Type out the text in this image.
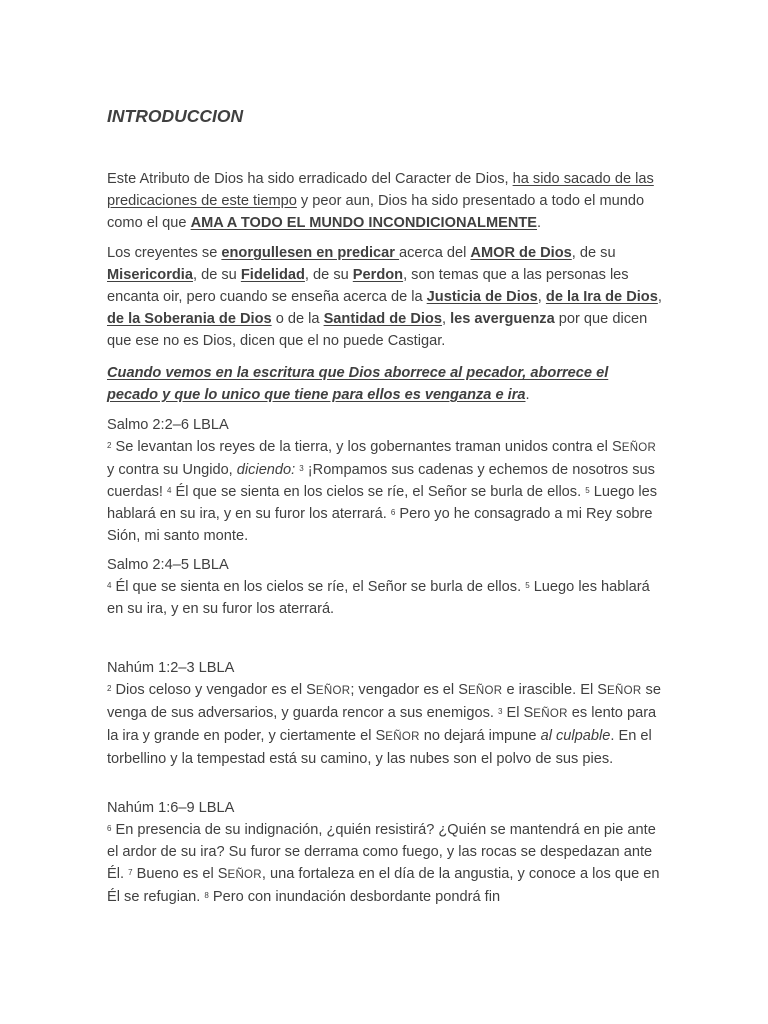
INTRODUCCION

Este Atributo de Dios ha sido erradicado del Caracter de Dios, ha sido sacado de las predicaciones de este tiempo y peor aun, Dios ha sido presentado a todo el mundo como el que AMA A TODO EL MUNDO INCONDICIONALMENTE.

Los creyentes se enorgullesen en predicar acerca del AMOR de Dios, de su Misericordia, de su Fidelidad, de su Perdon, son temas que a las personas les encanta oir, pero cuando se enseña acerca de la Justicia de Dios, de la Ira de Dios, de la Soberania de Dios o de la Santidad de Dios, les averguenza por que dicen que ese no es Dios, dicen que el no puede Castigar.

Cuando vemos en la escritura que Dios aborrece al pecador, aborrece el pecado y que lo unico que tiene para ellos es venganza e ira.

Salmo 2:2–6 LBLA
$^2$ Se levantan los reyes de la tierra, y los gobernantes traman unidos contra el SEÑOR y contra su Ungido, diciendo: $^3$ ¡Rompamos sus cadenas y echemos de nosotros sus cuerdas! $^4$ Él que se sienta en los cielos se ríe, el Señor se burla de ellos. $^5$ Luego les hablará en su ira, y en su furor los aterrará. $^6$ Pero yo he consagrado a mi Rey sobre Sión, mi santo monte.

Salmo 2:4–5 LBLA
$^4$ Él que se sienta en los cielos se ríe, el Señor se burla de ellos. $^5$ Luego les hablará en su ira, y en su furor los aterrará.

Nahúm 1:2–3 LBLA
$^2$ Dios celoso y vengador es el SEÑOR; vengador es el SEÑOR e irascible. El SEÑOR se venga de sus adversarios, y guarda rencor a sus enemigos. $^3$ El SEÑOR es lento para la ira y grande en poder, y ciertamente el SEÑOR no dejará impune al culpable. En el torbellino y la tempestad está su camino, y las nubes son el polvo de sus pies.

Nahúm 1:6–9 LBLA
$^6$ En presencia de su indignación, ¿quién resistirá? ¿Quién se mantendrá en pie ante el ardor de su ira? Su furor se derrama como fuego, y las rocas se despedazan ante Él. $^7$ Bueno es el SEÑOR, una fortaleza en el día de la angustia, y conoce a los que en Él se refugian. $^8$ Pero con inundación desbordante pondrá fin
